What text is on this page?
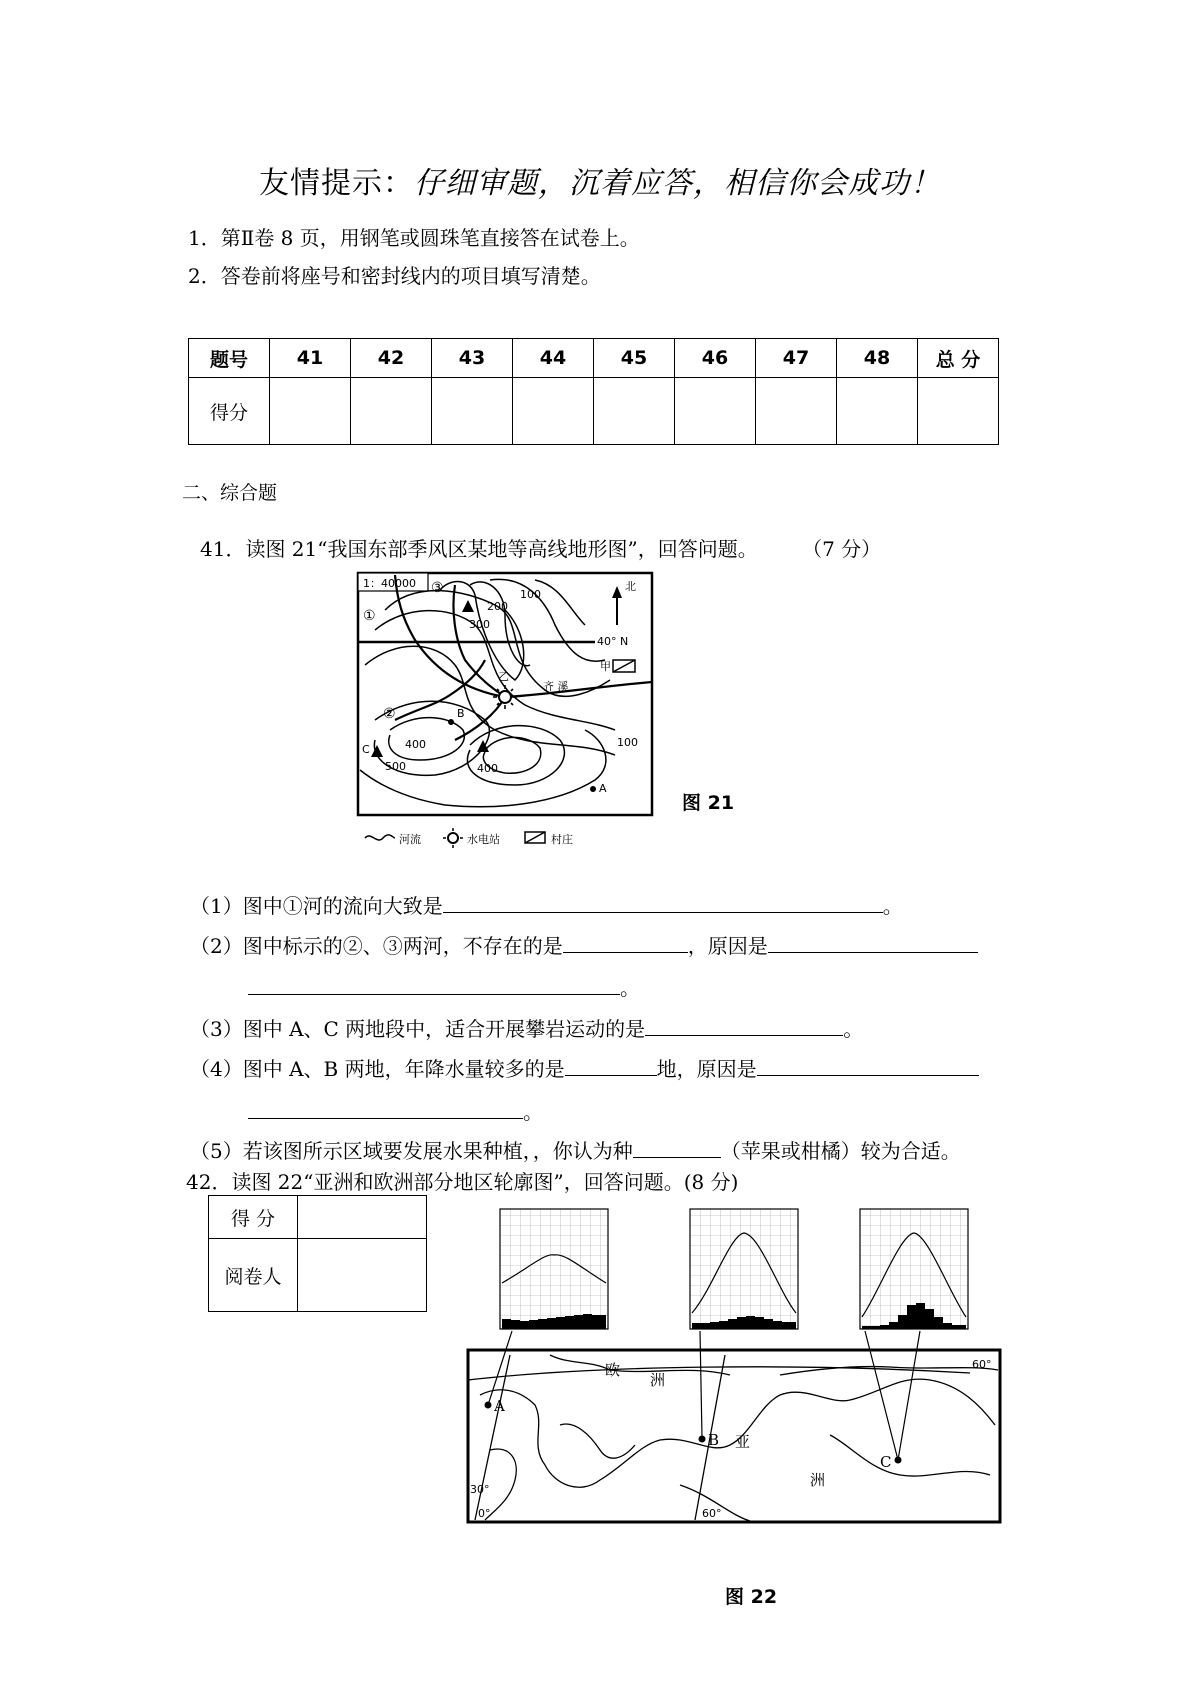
友情提示：仔细审题，沉着应答，相信你会成功！
1．第Ⅱ卷 8 页，用钢笔或圆珠笔直接答在试卷上。
2．答卷前将座号和密封线内的项目填写清楚。
题号	41	42	43	44	45	46	47	48	总 分
得分									
二、综合题
41．读图 21“我国东部季风区某地等高线地形图”，回答问题。 （7 分）
1：40000
40° N
北
甲
乙
齐 溪
①
②
③	100
200
300
400
500	400
100
A
B
C
河流	水电站	村庄
图 21
（1）图中①河的流向大致是	。
（2）图中标示的②、③两河，不存在的是	，原因是
。
（3）图中 A、C 两地段中，适合开展攀岩运动的是	。
（4）图中 A、B 两地，年降水量较多的是	地，原因是
。
（5）若该图所示区域要发展水果种植，，你认为种	（苹果或柑橘）较为合适。
42．读图 22“亚洲和欧洲部分地区轮廓图”，回答问题。(8 分)
得 分	
阅卷人	
A
B
C
欧
洲
亚
洲
60°
30°
0°	60°
图 22
